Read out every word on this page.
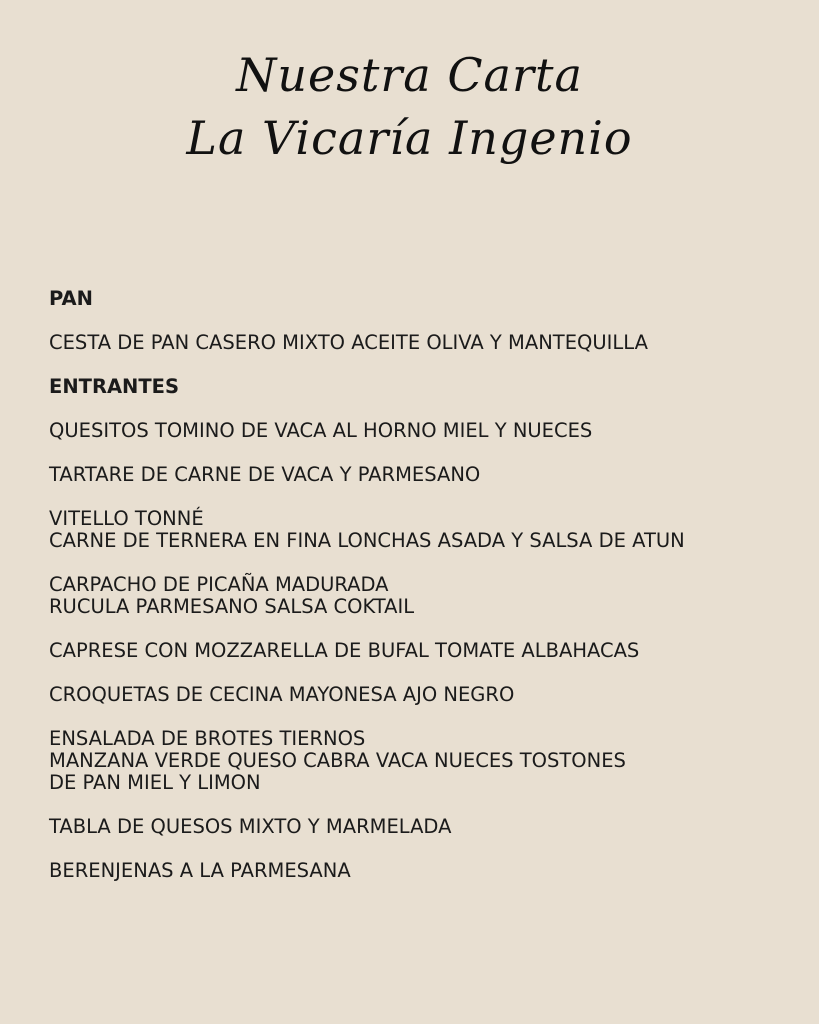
Nuestra Carta
La Vicaría Ingenio
PAN
CESTA DE PAN CASERO MIXTO ACEITE OLIVA Y MANTEQUILLA
ENTRANTES
QUESITOS TOMINO DE VACA AL HORNO MIEL Y NUECES
TARTARE DE CARNE DE VACA Y PARMESANO
VITELLO TONNÉ
CARNE DE TERNERA EN FINA LONCHAS ASADA Y SALSA DE ATUN
CARPACHO DE PICAÑA MADURADA
RUCULA PARMESANO SALSA COKTAIL
CAPRESE CON MOZZARELLA DE BUFAL TOMATE ALBAHACAS
CROQUETAS DE CECINA MAYONESA AJO NEGRO
ENSALADA DE BROTES TIERNOS
MANZANA VERDE QUESO CABRA VACA NUECES TOSTONES
DE PAN MIEL Y LIMON
TABLA DE QUESOS MIXTO Y MARMELADA
BERENJENAS A LA PARMESANA
